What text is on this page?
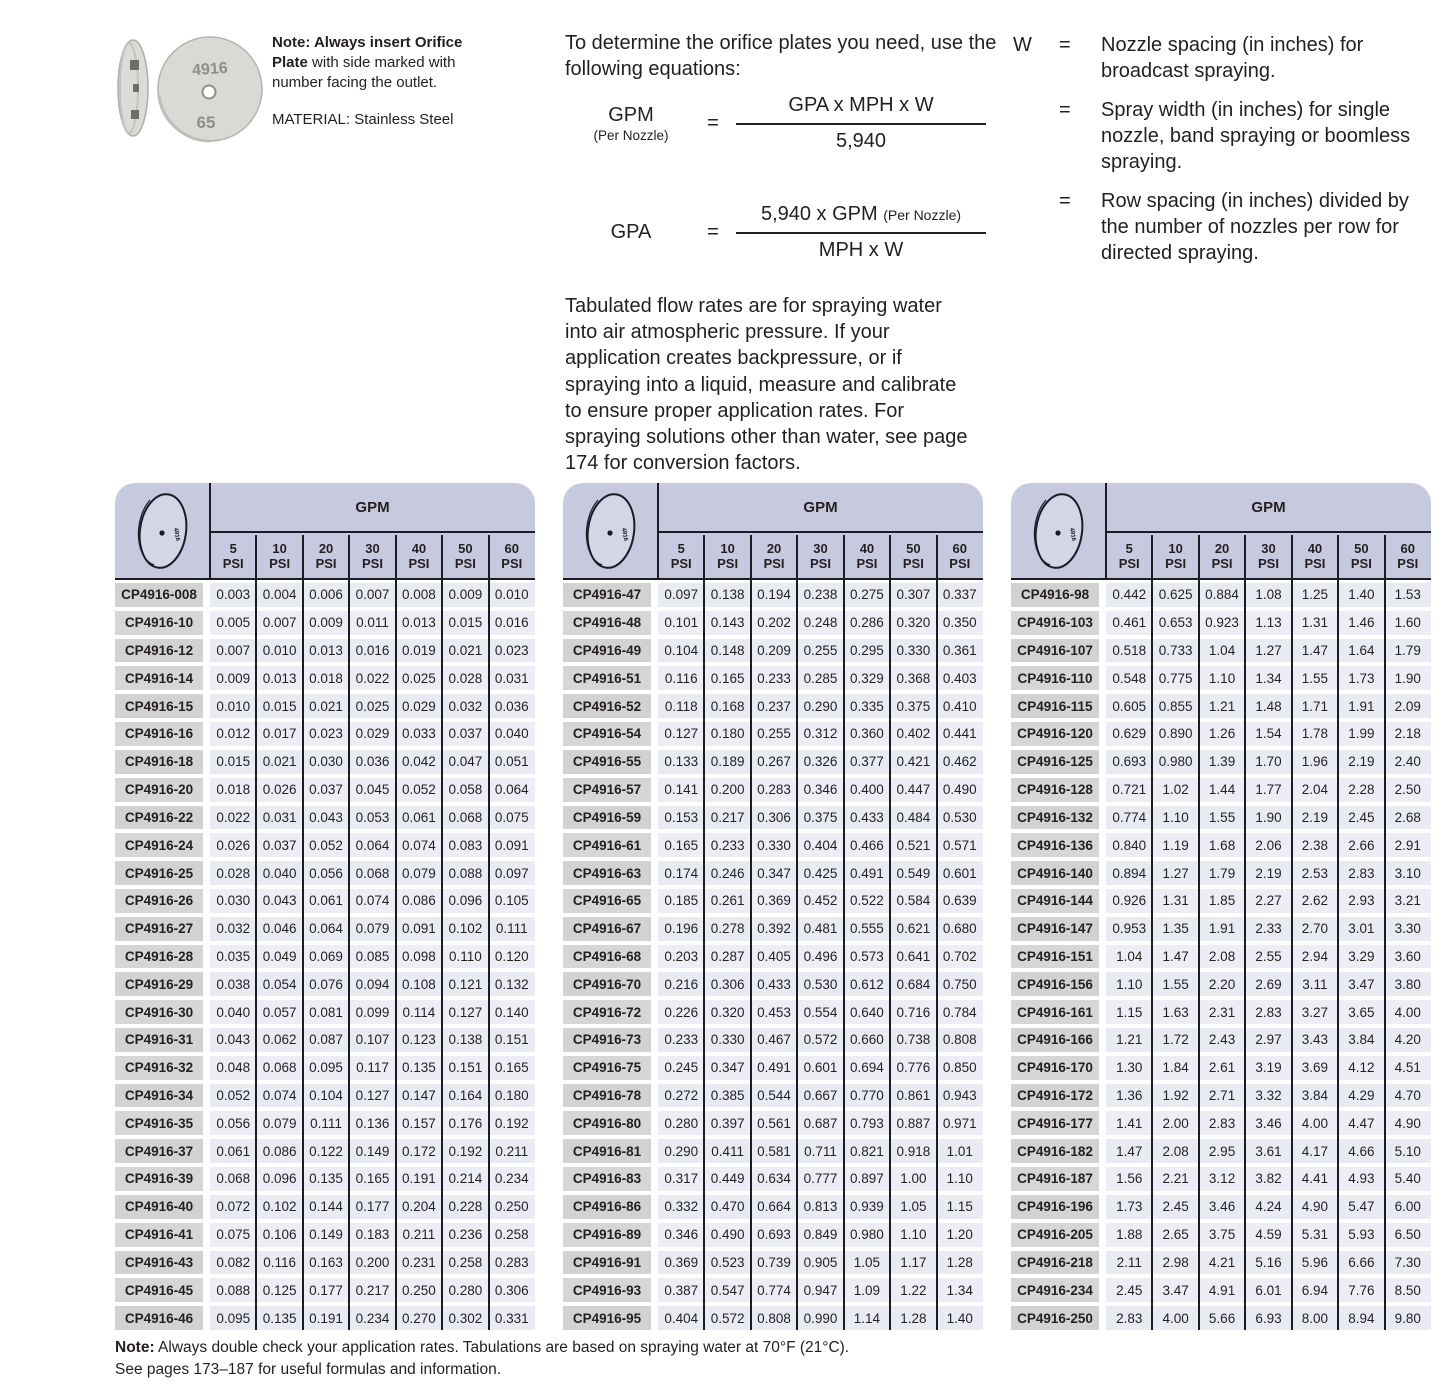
4916
65
Note: Always insert Orifice Plate with side marked with number facing the outlet.
MATERIAL: Stainless Steel
To determine the orifice plates you need, use the following equations:
GPM
(Per Nozzle)
= $\frac{\text{GPA x MPH x W}}{5,940}$
GPA	= $\frac{\text{5,940 x GPM (Per Nozzle)}}{\text{MPH x W}}$
W	=	Nozzle spacing (in inches) for broadcast spraying.
=	Spray width (in inches) for single nozzle, band spraying or boomless spraying.
=	Row spacing (in inches) divided by the number of nozzles per row for directed spraying.
Tabulated flow rates are for spraying water into air atmospheric pressure. If your application creates backpressure, or if spraying into a liquid, measure and calibrate to ensure proper application rates. For spraying solutions other than water, see page 174 for conversion factors.
4916
GPM
5
PSI
10
PSI
20
PSI
30
PSI
40
PSI
50
PSI
60
PSI
CP4916-008	0.003 0.004 0.006 0.007 0.008 0.009 0.010
CP4916-10	0.005 0.007 0.009 0.011 0.013 0.015 0.016
CP4916-12	0.007 0.010 0.013 0.016 0.019 0.021 0.023
CP4916-14	0.009 0.013 0.018 0.022 0.025 0.028 0.031
CP4916-15	0.010 0.015 0.021 0.025 0.029 0.032 0.036
CP4916-16	0.012 0.017 0.023 0.029 0.033 0.037 0.040
CP4916-18	0.015 0.021 0.030 0.036 0.042 0.047 0.051
CP4916-20	0.018 0.026 0.037 0.045 0.052 0.058 0.064
CP4916-22	0.022 0.031 0.043 0.053 0.061 0.068 0.075
CP4916-24	0.026 0.037 0.052 0.064 0.074 0.083 0.091
CP4916-25	0.028 0.040 0.056 0.068 0.079 0.088 0.097
CP4916-26	0.030 0.043 0.061 0.074 0.086 0.096 0.105
CP4916-27	0.032 0.046 0.064 0.079 0.091 0.102	0.111
CP4916-28	0.035 0.049 0.069 0.085 0.098 0.110 0.120
CP4916-29	0.038 0.054 0.076 0.094 0.108 0.121 0.132
CP4916-30	0.040 0.057 0.081 0.099 0.114 0.127 0.140
CP4916-31	0.043 0.062 0.087 0.107 0.123 0.138 0.151
CP4916-32	0.048 0.068 0.095 0.117 0.135 0.151 0.165
CP4916-34	0.052 0.074 0.104 0.127 0.147 0.164 0.180
CP4916-35	0.056 0.079	0.111	0.136 0.157 0.176 0.192
CP4916-37	0.061 0.086 0.122 0.149 0.172 0.192 0.211
CP4916-39	0.068 0.096 0.135 0.165 0.191 0.214 0.234
CP4916-40	0.072 0.102 0.144 0.177 0.204 0.228 0.250
CP4916-41	0.075 0.106 0.149 0.183 0.211 0.236 0.258
CP4916-43	0.082 0.116 0.163 0.200 0.231 0.258 0.283
CP4916-45	0.088 0.125 0.177 0.217 0.250 0.280 0.306
CP4916-46	0.095 0.135 0.191 0.234 0.270 0.302 0.331
4916
GPM
5
PSI
10
PSI
20
PSI
30
PSI
40
PSI
50
PSI
60
PSI
CP4916-47	0.097 0.138 0.194 0.238 0.275 0.307 0.337
CP4916-48	0.101 0.143 0.202 0.248 0.286 0.320 0.350
CP4916-49	0.104 0.148 0.209 0.255 0.295 0.330 0.361
CP4916-51	0.116 0.165 0.233 0.285 0.329 0.368 0.403
CP4916-52	0.118 0.168 0.237 0.290 0.335 0.375 0.410
CP4916-54	0.127 0.180 0.255 0.312 0.360 0.402 0.441
CP4916-55	0.133 0.189 0.267 0.326 0.377 0.421 0.462
CP4916-57	0.141 0.200 0.283 0.346 0.400 0.447 0.490
CP4916-59	0.153 0.217 0.306 0.375 0.433 0.484 0.530
CP4916-61	0.165 0.233 0.330 0.404 0.466 0.521 0.571
CP4916-63	0.174 0.246 0.347 0.425 0.491 0.549 0.601
CP4916-65	0.185 0.261 0.369 0.452 0.522 0.584 0.639
CP4916-67	0.196 0.278 0.392 0.481 0.555 0.621 0.680
CP4916-68	0.203 0.287 0.405 0.496 0.573 0.641 0.702
CP4916-70	0.216 0.306 0.433 0.530 0.612 0.684 0.750
CP4916-72	0.226 0.320 0.453 0.554 0.640 0.716 0.784
CP4916-73	0.233 0.330 0.467 0.572 0.660 0.738 0.808
CP4916-75	0.245 0.347 0.491 0.601 0.694 0.776 0.850
CP4916-78	0.272 0.385 0.544 0.667 0.770 0.861 0.943
CP4916-80	0.280 0.397 0.561 0.687 0.793 0.887 0.971
CP4916-81	0.290 0.411 0.581 0.711 0.821 0.918	1.01
CP4916-83	0.317 0.449 0.634 0.777 0.897	1.00	1.10
CP4916-86	0.332 0.470 0.664 0.813 0.939	1.05	1.15
CP4916-89	0.346 0.490 0.693 0.849 0.980	1.10	1.20
CP4916-91	0.369 0.523 0.739 0.905	1.05	1.17	1.28
CP4916-93	0.387 0.547 0.774 0.947	1.09	1.22	1.34
CP4916-95	0.404 0.572 0.808 0.990	1.14	1.28	1.40
4916
GPM
5
PSI
10
PSI
20
PSI
30
PSI
40
PSI
50
PSI
60
PSI
CP4916-98	0.442 0.625 0.884	1.08	1.25	1.40	1.53
CP4916-103	0.461 0.653 0.923	1.13	1.31	1.46	1.60
CP4916-107	0.518 0.733	1.04	1.27	1.47	1.64	1.79
CP4916-110	0.548 0.775	1.10	1.34	1.55	1.73	1.90
CP4916-115	0.605 0.855	1.21	1.48	1.71	1.91	2.09
CP4916-120	0.629 0.890	1.26	1.54	1.78	1.99	2.18
CP4916-125	0.693 0.980	1.39	1.70	1.96	2.19	2.40
CP4916-128	0.721	1.02	1.44	1.77	2.04	2.28	2.50
CP4916-132	0.774	1.10	1.55	1.90	2.19	2.45	2.68
CP4916-136	0.840	1.19	1.68	2.06	2.38	2.66	2.91
CP4916-140	0.894	1.27	1.79	2.19	2.53	2.83	3.10
CP4916-144	0.926	1.31	1.85	2.27	2.62	2.93	3.21
CP4916-147	0.953	1.35	1.91	2.33	2.70	3.01	3.30
CP4916-151	1.04	1.47	2.08	2.55	2.94	3.29	3.60
CP4916-156	1.10	1.55	2.20	2.69	3.11	3.47	3.80
CP4916-161	1.15	1.63	2.31	2.83	3.27	3.65	4.00
CP4916-166	1.21	1.72	2.43	2.97	3.43	3.84	4.20
CP4916-170	1.30	1.84	2.61	3.19	3.69	4.12	4.51
CP4916-172	1.36	1.92	2.71	3.32	3.84	4.29	4.70
CP4916-177	1.41	2.00	2.83	3.46	4.00	4.47	4.90
CP4916-182	1.47	2.08	2.95	3.61	4.17	4.66	5.10
CP4916-187	1.56	2.21	3.12	3.82	4.41	4.93	5.40
CP4916-196	1.73	2.45	3.46	4.24	4.90	5.47	6.00
CP4916-205	1.88	2.65	3.75	4.59	5.31	5.93	6.50
CP4916-218	2.11	2.98	4.21	5.16	5.96	6.66	7.30
CP4916-234	2.45	3.47	4.91	6.01	6.94	7.76	8.50
CP4916-250	2.83	4.00	5.66	6.93	8.00	8.94	9.80
Note: Always double check your application rates. Tabulations are based on spraying water at 70°F (21°C).
See pages 173–187 for useful formulas and information.
